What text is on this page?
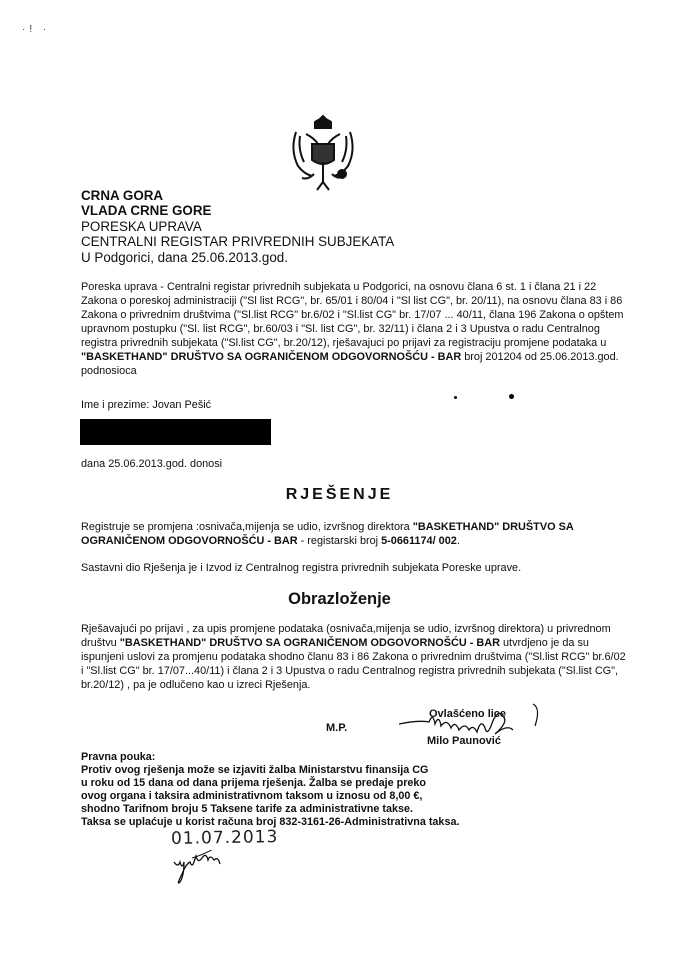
·! ·
CRNA GORA
VLADA CRNE GORE
PORESKA UPRAVA
CENTRALNI REGISTAR PRIVREDNIH SUBJEKATA
U Podgorici, dana 25.06.2013.god.
Poreska uprava - Centralni registar privrednih subjekata u Podgorici, na osnovu člana 6 st. 1 i člana 21 i 22 Zakona o poreskoj administraciji ("Sl list RCG", br. 65/01 i 80/04 i "Sl list CG", br. 20/11), na osnovu člana 83 i 86 Zakona o privrednim društvima ("Sl.list RCG" br.6/02 i "Sl.list CG" br. 17/07 ... 40/11, člana 196 Zakona o opštem upravnom postupku ("Sl. list RCG", br.60/03 i "Sl. list CG", br. 32/11) i člana 2 i 3 Upustva o radu Centralnog registra privrednih subjekata ("Sl.list CG", br.20/12), rješavajuci po prijavi za registraciju promjene podataka u "BASKETHAND" DRUŠTVO SA OGRANIČENOM ODGOVORNOŠĆU - BAR broj 201204 od 25.06.2013.god. podnosioca
Ime i prezime: Jovan Pešić
dana 25.06.2013.god. donosi
RJEŠENJE
Registruje se promjena :osnivača,mijenja se udio, izvršnog direktora "BASKETHAND" DRUŠTVO SA OGRANIČENOM ODGOVORNOŠĆU - BAR - registarski broj 5-0661174/ 002.
Sastavni dio Rješenja je i Izvod iz Centralnog registra privrednih subjekata Poreske uprave.
Obrazloženje
Rješavajući po prijavi , za upis promjene podataka (osnivača,mijenja se udio, izvršnog direktora) u privrednom društvu "BASKETHAND" DRUŠTVO SA OGRANIČENOM ODGOVORNOŠĆU - BAR utvrdjeno je da su ispunjeni uslovi za promjenu podataka shodno članu 83 i 86 Zakona o privrednim društvima ("Sl.list RCG" br.6/02 i "Sl.list CG" br. 17/07...40/11) i člana 2 i 3 Upustva o radu Centralnog registra privrednih subjekata ("Sl.list CG", br.20/12) , pa je odlučeno kao u izreci Rješenja.
M.P.
Ovlašćeno lice
Milo Paunović
Pravna pouka:
Protiv ovog rješenja može se izjaviti žalba Ministarstvu finansija CG
u roku od 15 dana od dana prijema rješenja. Žalba se predaje preko
ovog organa i taksira administrativnom taksom u iznosu od 8,00 €,
shodno Tarifnom broju 5 Taksene tarife za administrativne takse.
Taksa se uplaćuje u korist računa broj 832-3161-26-Administrativna taksa.
01.07.2013
